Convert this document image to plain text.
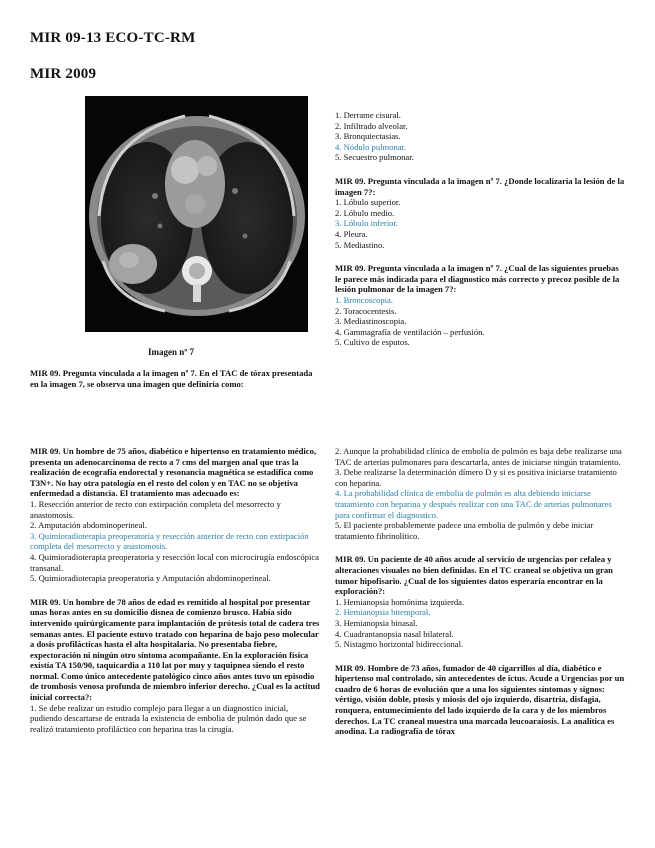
MIR 09-13 ECO-TC-RM
MIR 2009
Imagen nº 7

MIR 09. Pregunta vinculada a la imagen nº 7. En el TAC de tórax presentada en la imagen 7, se observa una imagen que definiría como:

1. Derrame cisural.

2. Infiltrado alveolar.

3. Bronquiectasias.

4. Nódulo pulmonar.

5. Secuestro pulmonar.

MIR 09. Pregunta vinculada a la imagen nº 7. ¿Donde localizaría la lesión de la imagen 7?:

1. Lóbulo superior.

2. Lóbulo medio.

3. Lóbulo inferior.

4. Pleura.

5. Mediastino.

MIR 09. Pregunta vinculada a la imagen nº 7. ¿Cual de las siguientes pruebas le parece más indicada para el diagnostico más correcto y precoz posible de la lesión pulmonar de la imagen 7?:

1. Broncoscopia.

2. Toracocentesis.

3. Mediastinoscopia.

4. Gammagrafía de ventilación – perfusión.

5. Cultivo de esputos.

MIR 09. Un hombre de 75 años, diabético e hipertenso en tratamiento médico, presenta un adenocarcinoma de recto a 7 cms del margen anal que tras la realización de ecografía endorectal y resonancia magnética se estadifica como T3N+. No hay otra patología en el resto del colon y en TAC no se objetiva enfermedad a distancia. El tratamiento mas adecuado es:

1. Resección anterior de recto con extirpación completa del mesorrecto y anastomosis.

2. Amputación abdominoperineal.

3. Quimioradioterapia preoperatoria y resección anterior de recto con extirpación completa del mesorrecto y anastomosis.

4. Quimioradioterapia preoperatoria y resección local con microcirugía endoscópica transanal.

5. Quimioradioterapia preoperatoria y Amputación abdominoperineal.

MIR 09. Un hombre de 78 años de edad es remitido al hospital por presentar unas horas antes en su domicilio disnea de comienzo brusco. Había sido intervenido quirúrgicamente para implantación de prótesis total de cadera tres semanas antes. El paciente estuvo tratado con heparina de bajo peso molecular a dosis profilácticas hasta el alta hospitalaria. No presentaba fiebre, expectoración ni ningún otro síntoma acompañante. En la exploración física existía TA 150/90, taquicardia a 110 lat por muy y taquipnea siendo el resto normal. Como único antecedente patológico cinco años antes tuvo un episodio de trombosis venosa profunda de miembro inferior derecho. ¿Cual es la actitud inicial correcta?:

1. Se debe realizar un estudio complejo para llegar a un diagnostico inicial, pudiendo descartarse de entrada la existencia de embolia de pulmón dado que se realizó tratamiento profiláctico con heparina tras la cirugía.

2. Aunque la probabilidad clínica de embolia de pulmón es baja debe realizarse una TAC de arterias pulmonares para descartarla, antes de iniciarse ningún tratamiento.

3. Debe realizarse la determinación dímero D y si es positiva iniciarse tratamiento con heparina.

4. La probabilidad clínica de embolia de pulmón es alta debiendo iniciarse tratamiento con heparina y después realizar con una TAC de arterias pulmonares para confirmar el diagnostico.

5. El paciente probablemente padece una embolia de pulmón y debe iniciar tratamiento fibrinolítico.

MIR 09. Un paciente de 40 años acude al servicio de urgencias por cefalea y alteraciones visuales no bien definidas. En el TC craneal se objetiva un gran tumor hipofisario. ¿Cual de los siguientes datos esperaría encontrar en la exploración?:

1. Hemianopsia homónima izquierda.

2. Hemianopsia bitemporal.

3. Hemianopsia binasal.

4. Cuadrantanopsia nasal bilateral.

5. Nistagmo horizontal bidireccional.

MIR 09. Hombre de 73 años, fumador de 40 cigarrillos al día, diabético e hipertenso mal controlado, sin antecedentes de ictus. Acude a Urgencias por un cuadro de 6 horas de evolución que a una los siguientes síntomas y signos: vértigo, visión doble, ptosis y miosis del ojo izquierdo, disartria, disfagia, ronquera, entumecimiento del lado izquierdo de la cara y de los miembros derechos. La TC craneal muestra una marcada leucoaraiosis. La analítica es anodina. La radiografía de tórax
